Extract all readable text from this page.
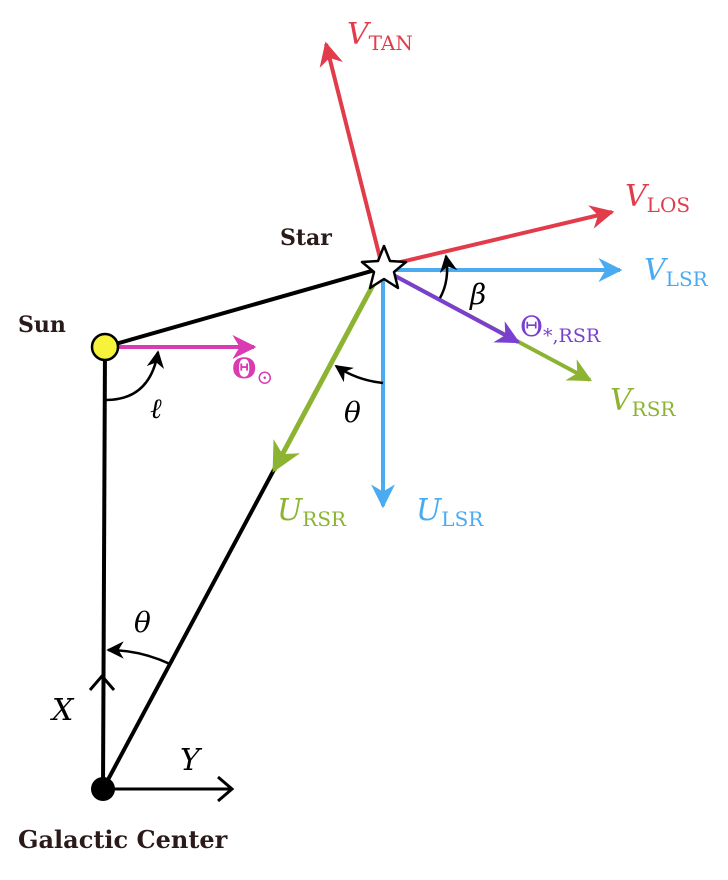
Star
Sun
Galactic Center
VTAN
VLOS
VLSR
Θ*,RSR
VRSR
URSR ULSR
Θ⊙
ℓ	θ
β
θ
X
Y
